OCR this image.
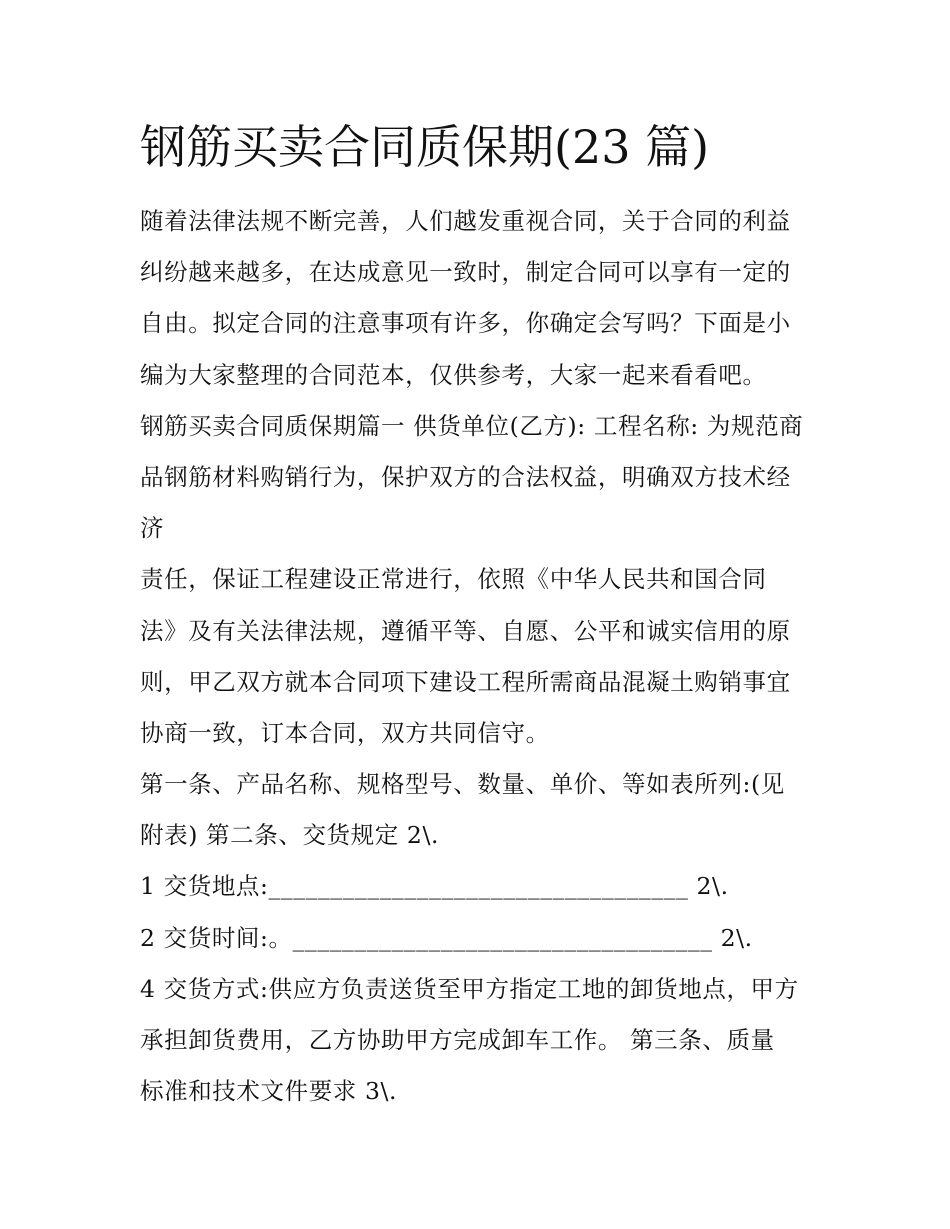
钢筋买卖合同质保期(23 篇)
随着法律法规不断完善，人们越发重视合同，关于合同的利益
纠纷越来越多，在达成意见一致时，制定合同可以享有一定的
自由。拟定合同的注意事项有许多，你确定会写吗？下面是小
编为大家整理的合同范本，仅供参考，大家一起来看看吧。
钢筋买卖合同质保期篇一 供货单位(乙方): 工程名称: 为规范商
品钢筋材料购销行为，保护双方的合法权益，明确双方技术经
济
责任，保证工程建设正常进行，依照《中华人民共和国合同
法》及有关法律法规，遵循平等、自愿、公平和诚实信用的原
则，甲乙双方就本合同项下建设工程所需商品混凝土购销事宜
协商一致，订本合同，双方共同信守。
第一条、产品名称、规格型号、数量、单价、等如表所列:(见
附表) 第二条、交货规定 2\.
1 交货地点:__________________________________ 2\.
2 交货时间:。__________________________________ 2\.
4 交货方式:供应方负责送货至甲方指定工地的卸货地点，甲方
承担卸货费用，乙方协助甲方完成卸车工作。 第三条、质量
标准和技术文件要求 3\.
